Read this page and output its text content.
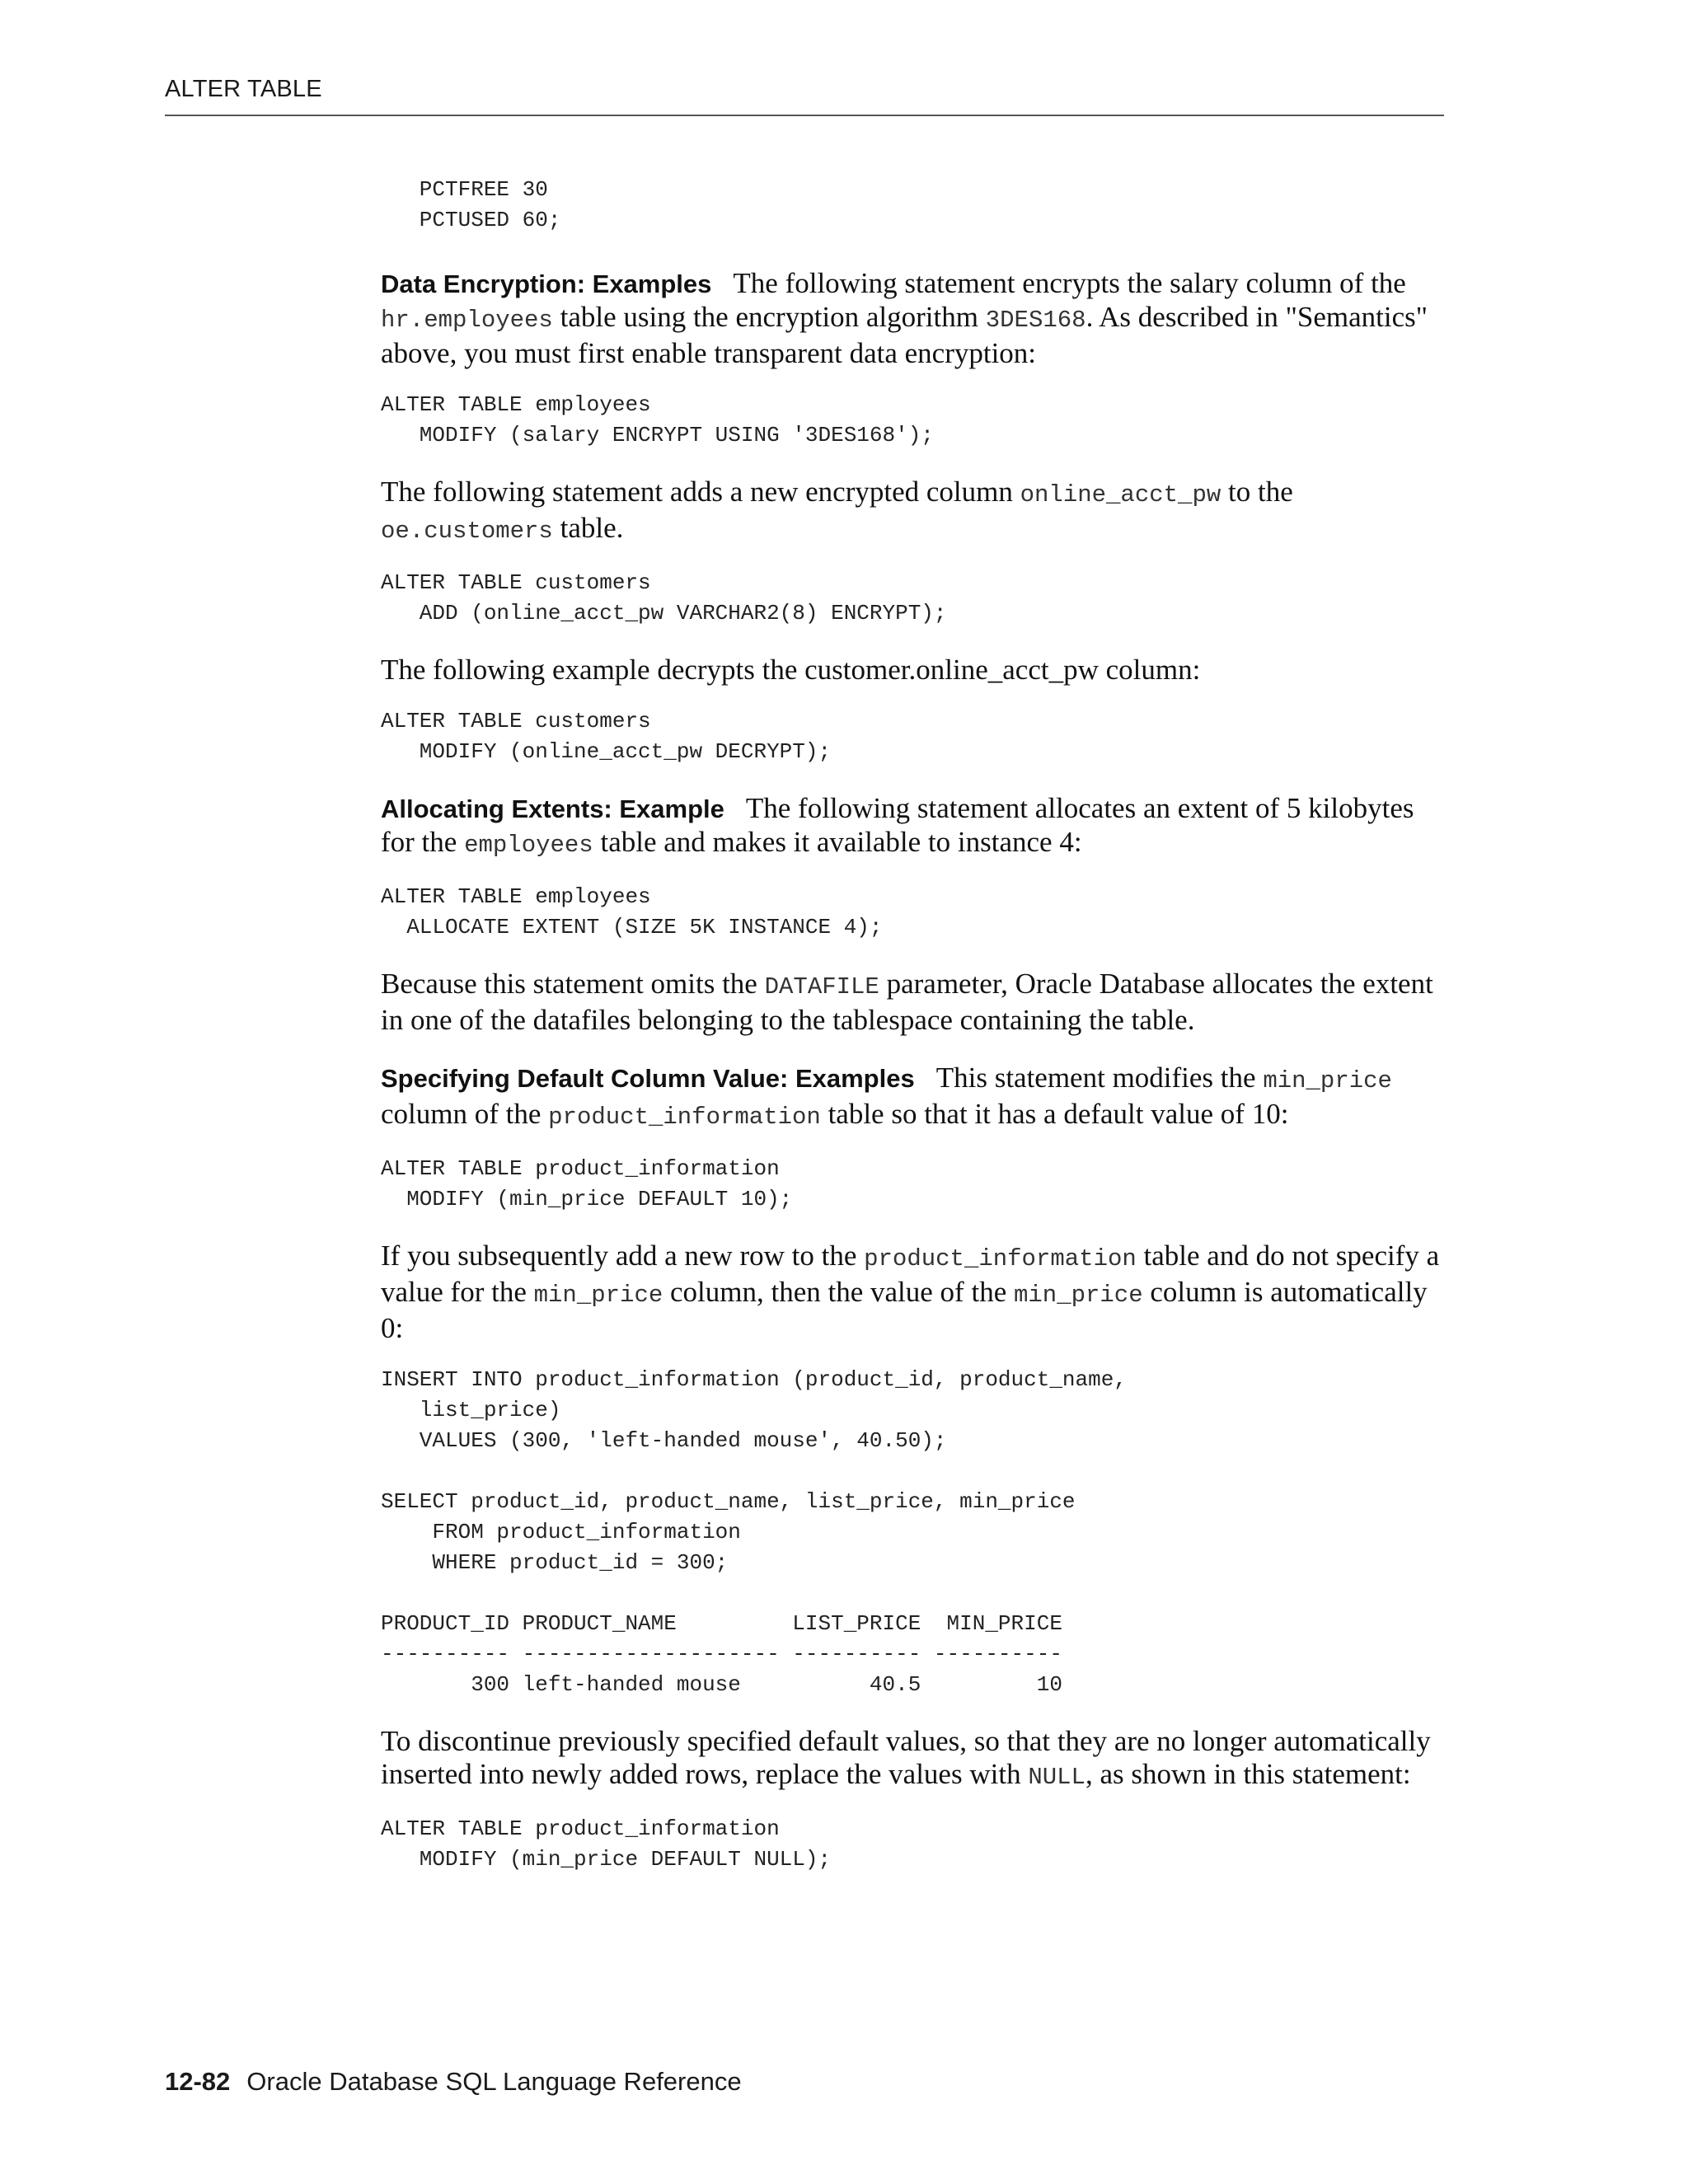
ALTER TABLE
PCTFREE 30
PCTUSED 60;

Data Encryption: Examples The following statement encrypts the salary column of the hr.employees table using the encryption algorithm 3DES168. As described in "Semantics" above, you must first enable transparent data encryption:

ALTER TABLE employees
MODIFY (salary ENCRYPT USING '3DES168');

The following statement adds a new encrypted column online_acct_pw to the oe.customers table.

ALTER TABLE customers
ADD (online_acct_pw VARCHAR2(8) ENCRYPT);

The following example decrypts the customer.online_acct_pw column:

ALTER TABLE customers
MODIFY (online_acct_pw DECRYPT);

Allocating Extents: Example The following statement allocates an extent of 5 kilobytes for the employees table and makes it available to instance 4:

ALTER TABLE employees
ALLOCATE EXTENT (SIZE 5K INSTANCE 4);

Because this statement omits the DATAFILE parameter, Oracle Database allocates the extent in one of the datafiles belonging to the tablespace containing the table.

Specifying Default Column Value: Examples This statement modifies the min_price column of the product_information table so that it has a default value of 10:

ALTER TABLE product_information
MODIFY (min_price DEFAULT 10);

If you subsequently add a new row to the product_information table and do not specify a value for the min_price column, then the value of the min_price column is automatically 0:

INSERT INTO product_information (product_id, product_name,
list_price)
VALUES (300, 'left-handed mouse', 40.50);

SELECT product_id, product_name, list_price, min_price
FROM product_information
WHERE product_id = 300;

PRODUCT_ID PRODUCT_NAME         LIST_PRICE  MIN_PRICE
---------- -------------------- ---------- ----------
300 left-handed mouse          40.5         10

To discontinue previously specified default values, so that they are no longer automatically inserted into newly added rows, replace the values with NULL, as shown in this statement:

ALTER TABLE product_information
MODIFY (min_price DEFAULT NULL);
12-82 Oracle Database SQL Language Reference
